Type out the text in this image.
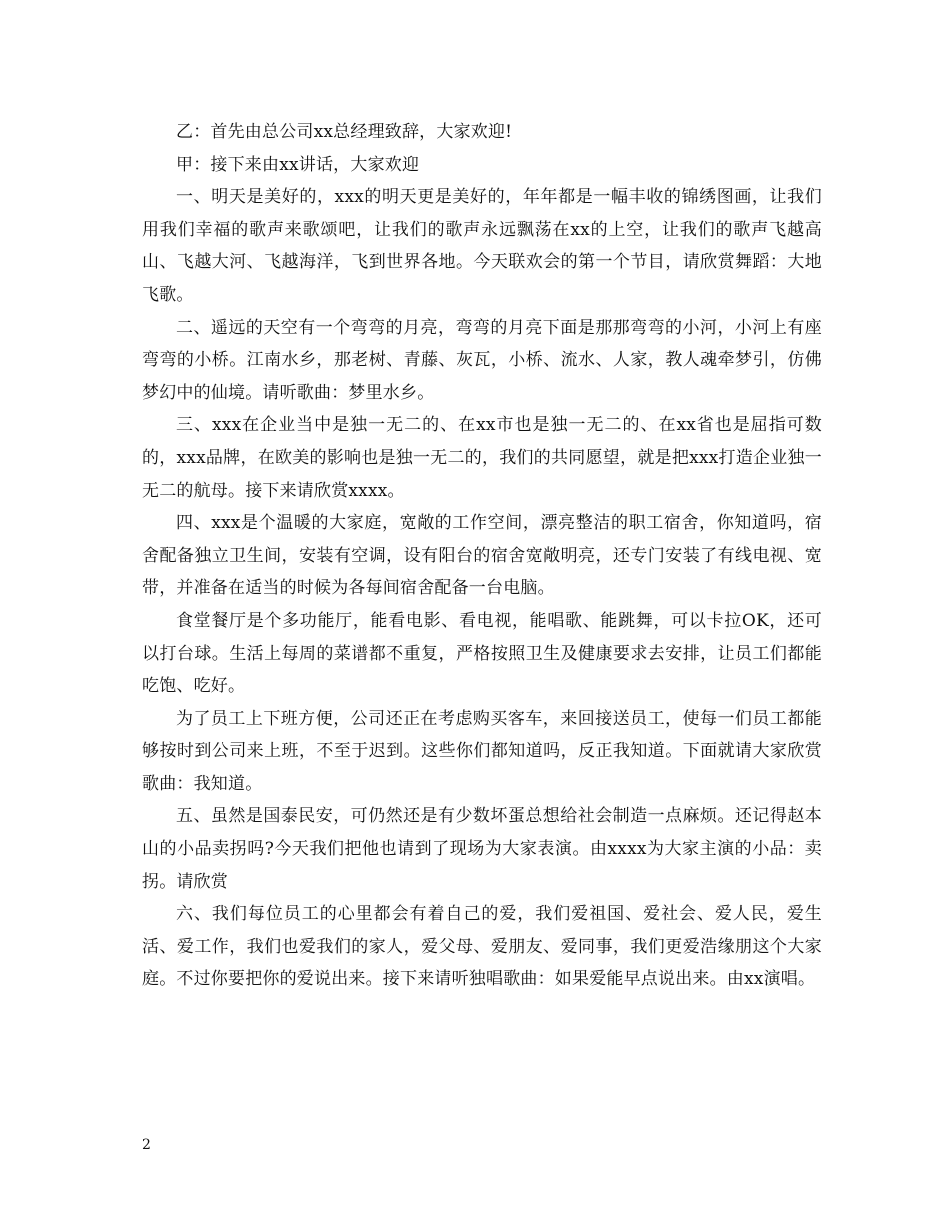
乙：首先由总公司xx总经理致辞，大家欢迎!

甲：接下来由xx讲话，大家欢迎

一、明天是美好的，xxx的明天更是美好的，年年都是一幅丰收的锦绣图画，让我们用我们幸福的歌声来歌颂吧，让我们的歌声永远飘荡在xx的上空，让我们的歌声飞越高山、飞越大河、飞越海洋，飞到世界各地。今天联欢会的第一个节目，请欣赏舞蹈：大地飞歌。

二、遥远的天空有一个弯弯的月亮，弯弯的月亮下面是那那弯弯的小河，小河上有座弯弯的小桥。江南水乡，那老树、青藤、灰瓦，小桥、流水、人家，教人魂牵梦引，仿佛梦幻中的仙境。请听歌曲：梦里水乡。

三、xxx在企业当中是独一无二的、在xx市也是独一无二的、在xx省也是屈指可数的，xxx品牌，在欧美的影响也是独一无二的，我们的共同愿望，就是把xxx打造企业独一无二的航母。接下来请欣赏xxxx。

四、xxx是个温暖的大家庭，宽敞的工作空间，漂亮整洁的职工宿舍，你知道吗，宿舍配备独立卫生间，安装有空调，设有阳台的宿舍宽敞明亮，还专门安装了有线电视、宽带，并准备在适当的时候为各每间宿舍配备一台电脑。

食堂餐厅是个多功能厅，能看电影、看电视，能唱歌、能跳舞，可以卡拉OK，还可以打台球。生活上每周的菜谱都不重复，严格按照卫生及健康要求去安排，让员工们都能吃饱、吃好。

为了员工上下班方便，公司还正在考虑购买客车，来回接送员工，使每一们员工都能够按时到公司来上班，不至于迟到。这些你们都知道吗，反正我知道。下面就请大家欣赏歌曲：我知道。

五、虽然是国泰民安，可仍然还是有少数坏蛋总想给社会制造一点麻烦。还记得赵本山的小品卖拐吗?今天我们把他也请到了现场为大家表演。由xxxx为大家主演的小品：卖拐。请欣赏

六、我们每位员工的心里都会有着自己的爱，我们爱祖国、爱社会、爱人民，爱生活、爱工作，我们也爱我们的家人，爱父母、爱朋友、爱同事，我们更爱浩缘朋这个大家庭。不过你要把你的爱说出来。接下来请听独唱歌曲：如果爱能早点说出来。由xx演唱。

2
